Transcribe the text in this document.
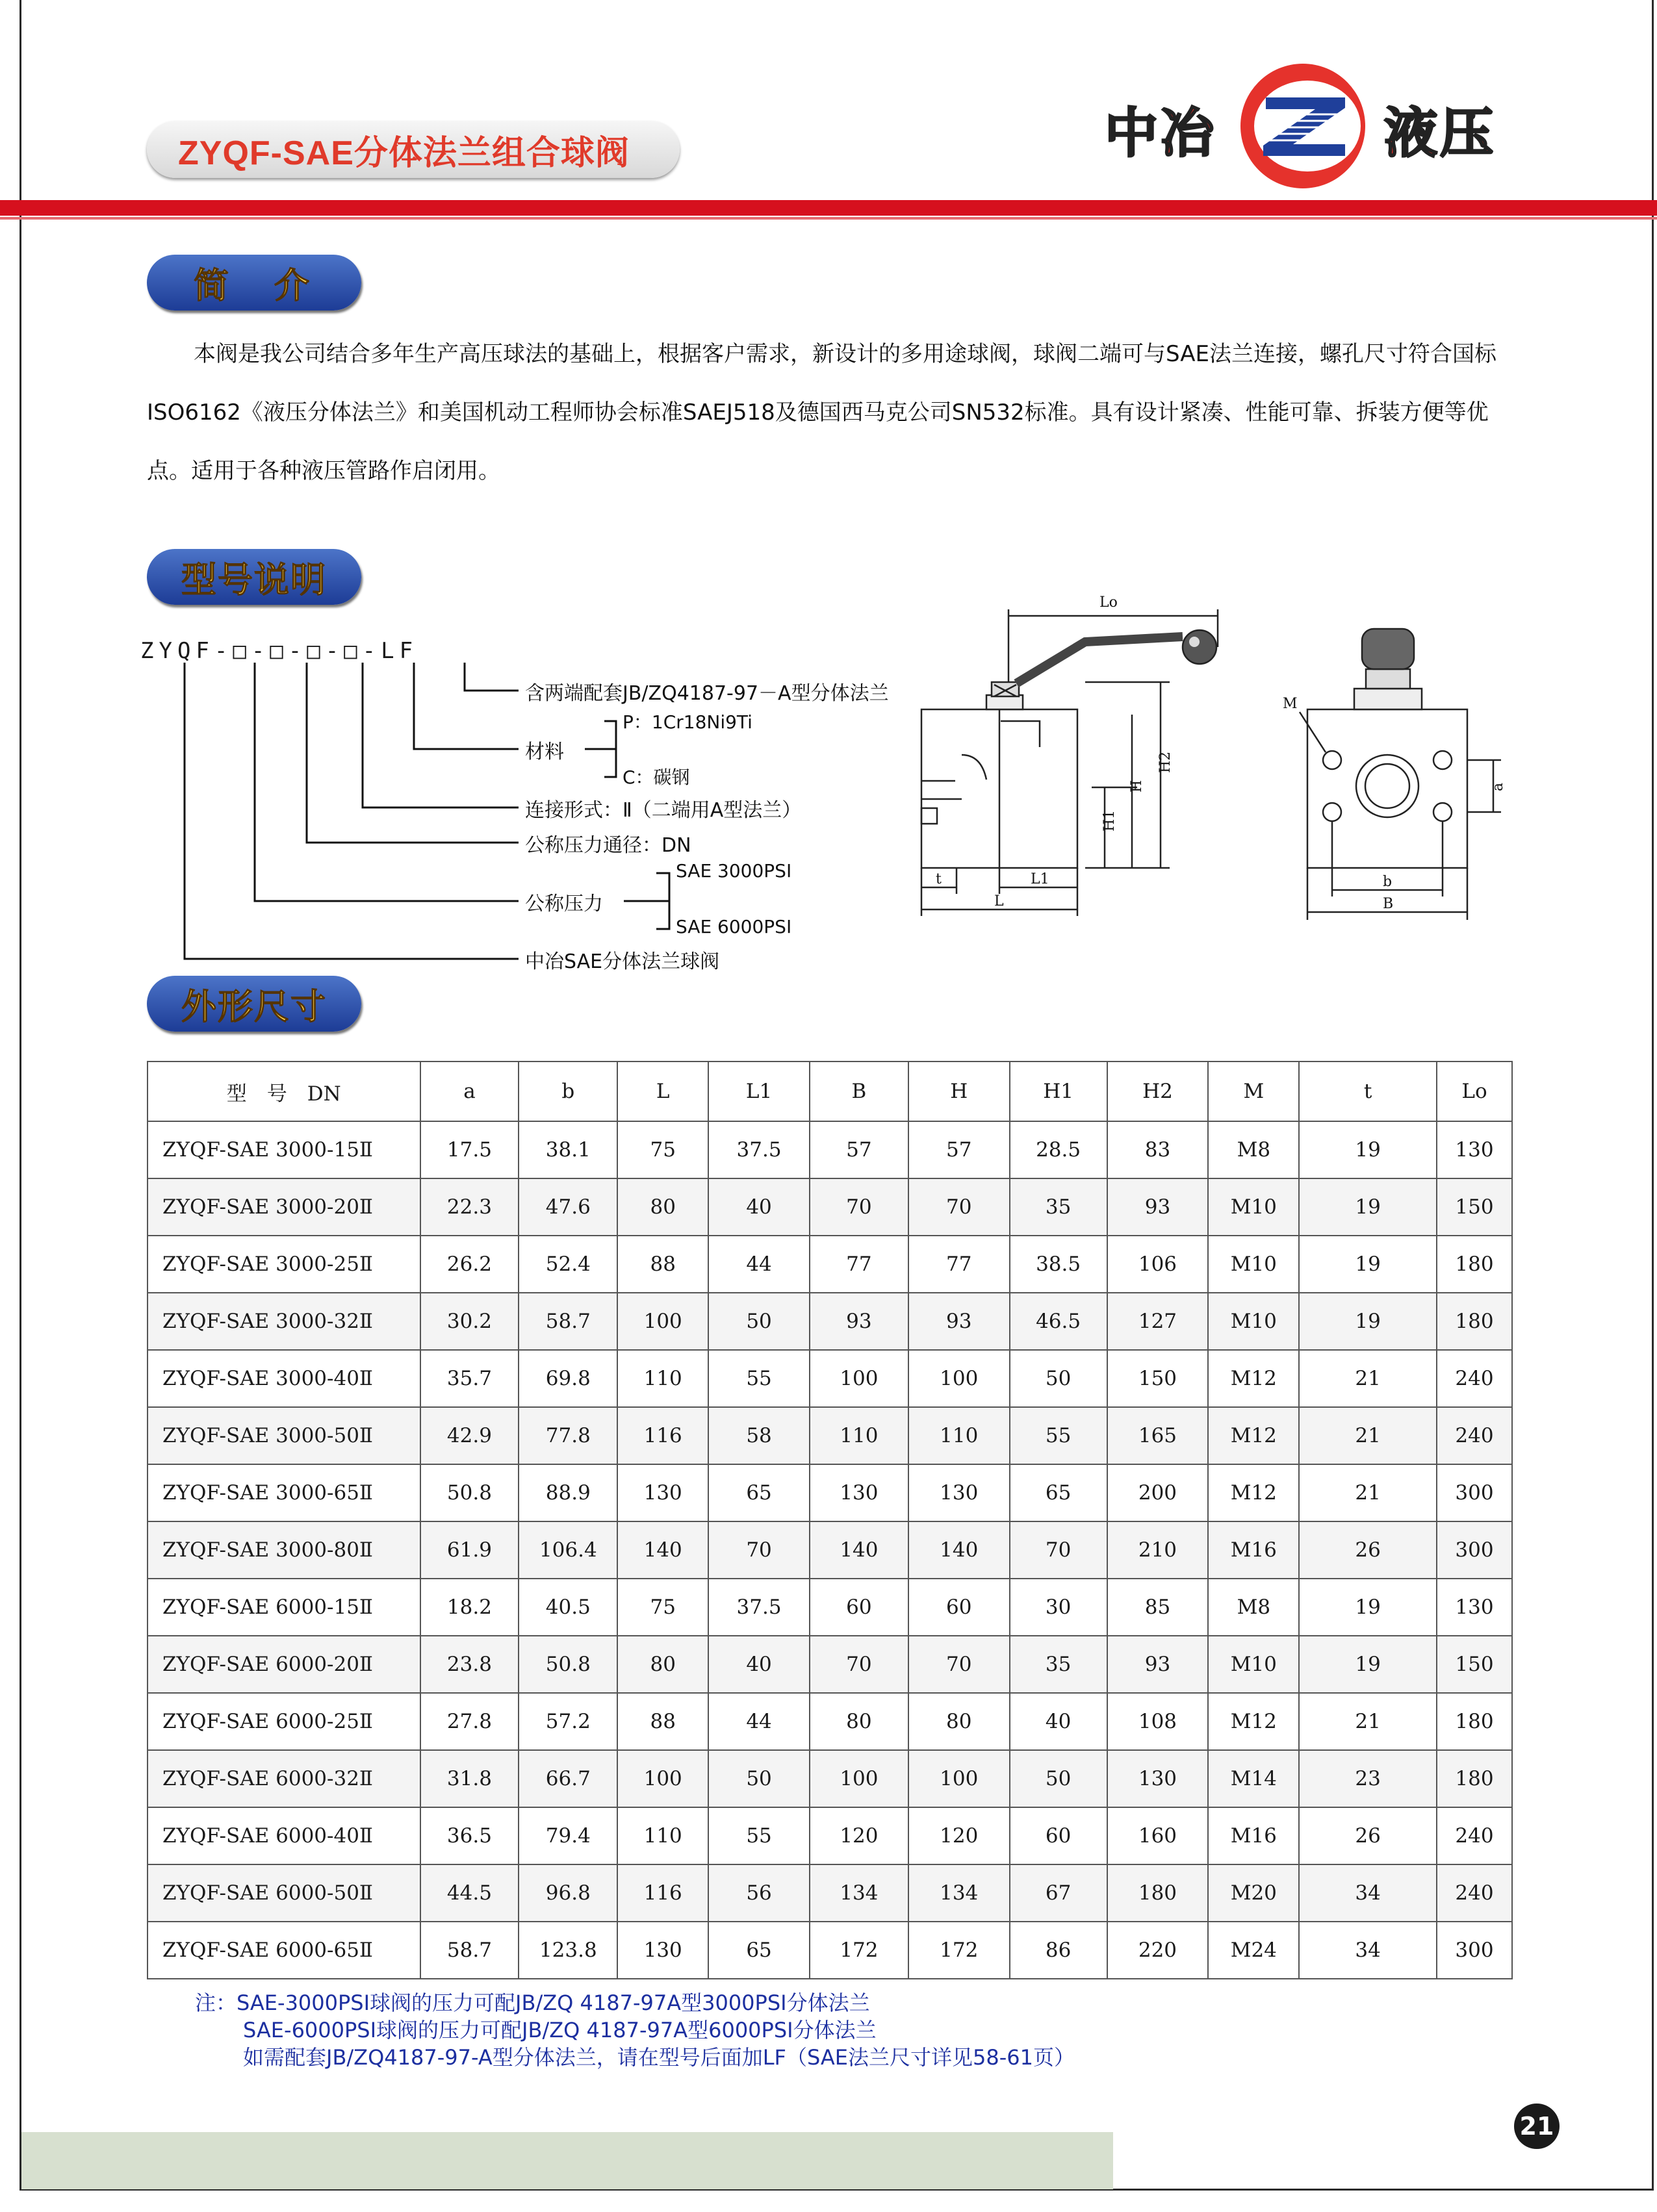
ZYQF-SAE分体法兰组合球阀	中冶
Z
液压
简　介

本阀是我公司结合多年生产高压球法的基础上，根据客户需求，新设计的多用途球阀，球阀二端可与SAE法兰连接，螺孔尺寸符合国标ISO6162《液压分体法兰》和美国机动工程师协会标准SAEJ518及德国西马克公司SN532标准。具有设计紧凑、性能可靠、拆装方便等优点。适用于各种液压管路作启闭用。

型号说明
ZYQF-□-□-□-□-LF
含两端配套JB/ZQ4187-97－A型分体法兰
材料
P：1Cr18Ni9Ti
C：碳钢
连接形式：Ⅱ（二端用A型法兰）
公称压力通径：DN
公称压力
SAE 3000PSI
SAE 6000PSI
中冶SAE分体法兰球阀
Lo
H2
H
H1
t	L1
L
M
a
b
B
外形尺寸
型　号　DN	a	b	L	L1	B	H	H1	H2	M	t	Lo
ZYQF-SAE 3000-15Ⅱ	17.5	38.1	75	37.5	57	57	28.5	83	M8	19	130
ZYQF-SAE 3000-20Ⅱ	22.3	47.6	80	40	70	70	35	93	M10	19	150
ZYQF-SAE 3000-25Ⅱ	26.2	52.4	88	44	77	77	38.5	106	M10	19	180
ZYQF-SAE 3000-32Ⅱ	30.2	58.7	100	50	93	93	46.5	127	M10	19	180
ZYQF-SAE 3000-40Ⅱ	35.7	69.8	110	55	100	100	50	150	M12	21	240
ZYQF-SAE 3000-50Ⅱ	42.9	77.8	116	58	110	110	55	165	M12	21	240
ZYQF-SAE 3000-65Ⅱ	50.8	88.9	130	65	130	130	65	200	M12	21	300
ZYQF-SAE 3000-80Ⅱ	61.9	106.4	140	70	140	140	70	210	M16	26	300
ZYQF-SAE 6000-15Ⅱ	18.2	40.5	75	37.5	60	60	30	85	M8	19	130
ZYQF-SAE 6000-20Ⅱ	23.8	50.8	80	40	70	70	35	93	M10	19	150
ZYQF-SAE 6000-25Ⅱ	27.8	57.2	88	44	80	80	40	108	M12	21	180
ZYQF-SAE 6000-32Ⅱ	31.8	66.7	100	50	100	100	50	130	M14	23	180
ZYQF-SAE 6000-40Ⅱ	36.5	79.4	110	55	120	120	60	160	M16	26	240
ZYQF-SAE 6000-50Ⅱ	44.5	96.8	116	56	134	134	67	180	M20	34	240
ZYQF-SAE 6000-65Ⅱ	58.7	123.8	130	65	172	172	86	220	M24	34	300
注：SAE-3000PSI球阀的压力可配JB/ZQ 4187-97A型3000PSI分体法兰
SAE-6000PSI球阀的压力可配JB/ZQ 4187-97A型6000PSI分体法兰
如需配套JB/ZQ4187-97-A型分体法兰，请在型号后面加LF（SAE法兰尺寸详见58-61页）
21
